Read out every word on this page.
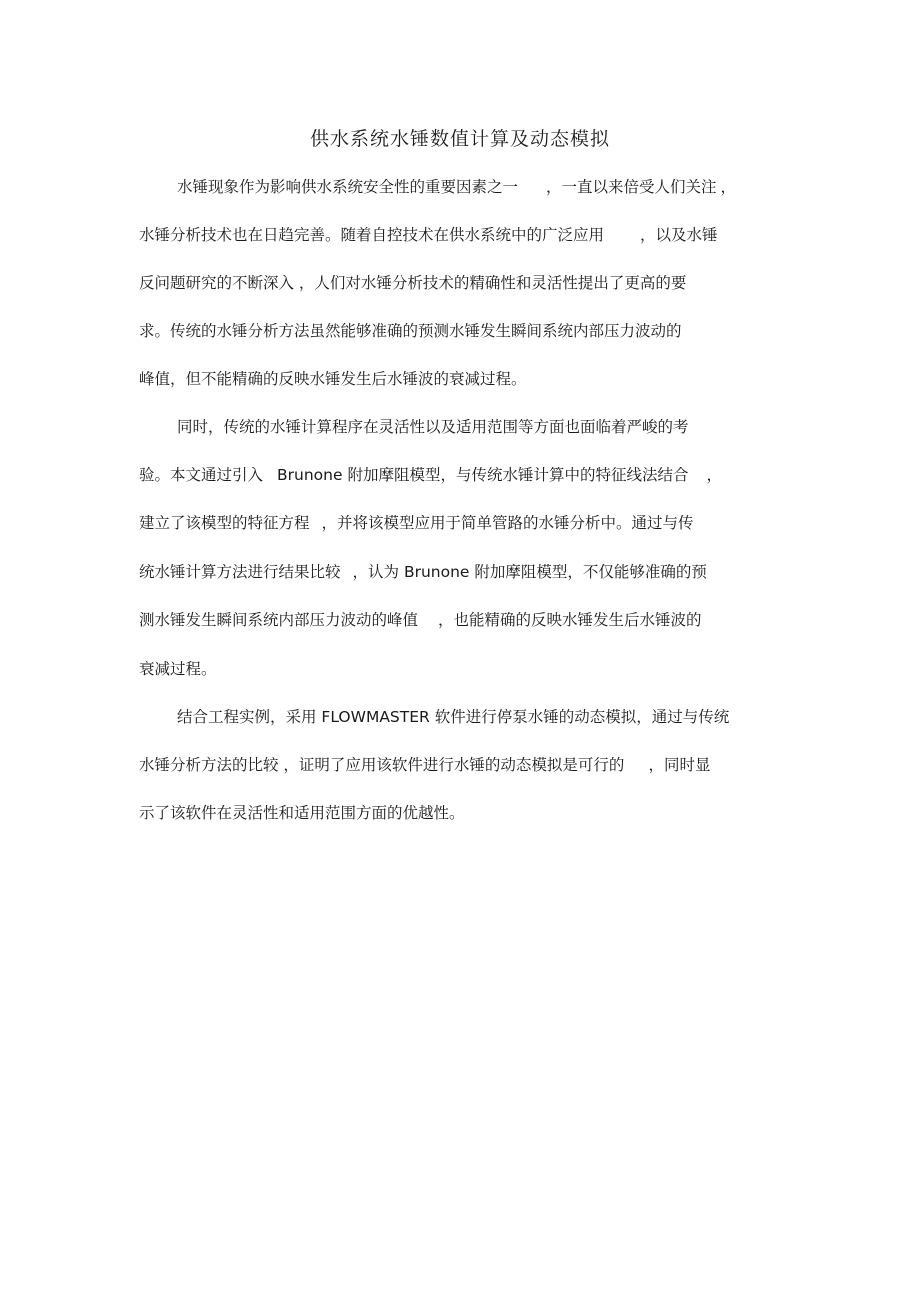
供水系统水锤数值计算及动态模拟
水锤现象作为影响供水系统安全性的重要因素之一 ，一直以来倍受人们关注 ，
水锤分析技术也在日趋完善。随着自控技术在供水系统中的广泛应用 ，以及水锤
反问题研究的不断深入 ，人们对水锤分析技术的精确性和灵活性提出了更高的要
求。传统的水锤分析方法虽然能够准确的预测水锤发生瞬间系统内部压力波动的
峰值，但不能精确的反映水锤发生后水锤波的衰减过程。
同时，传统的水锤计算程序在灵活性以及适用范围等方面也面临着严峻的考
验。本文通过引入 Brunone 附加摩阻模型，与传统水锤计算中的特征线法结合 ，
建立了该模型的特征方程 ，并将该模型应用于简单管路的水锤分析中。通过与传
统水锤计算方法进行结果比较 ，认为 Brunone 附加摩阻模型，不仅能够准确的预
测水锤发生瞬间系统内部压力波动的峰值 ，也能精确的反映水锤发生后水锤波的
衰减过程。
结合工程实例，采用 FLOWMASTER 软件进行停泵水锤的动态模拟，通过与传统
水锤分析方法的比较 ，证明了应用该软件进行水锤的动态模拟是可行的 ，同时显
示了该软件在灵活性和适用范围方面的优越性。
